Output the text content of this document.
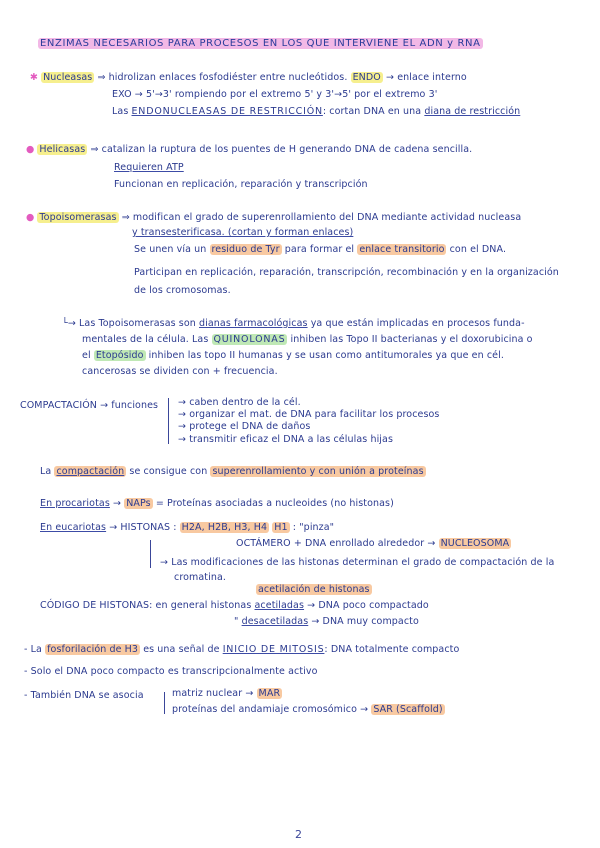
ENZIMAS NECESARIOS PARA PROCESOS EN LOS QUE INTERVIENE EL ADN y RNA
✱ Nucleasas ⇒ hidrolizan enlaces fosfodiéster entre nucleótidos. ENDO → enlace interno
EXO → 5'→3' rompiendo por el extremo 5' y 3'→5' por el extremo 3'
Las ENDONUCLEASAS DE RESTRICCIÓN: cortan DNA en una diana de restricción
● Helicasas ⇒ catalizan la ruptura de los puentes de H generando DNA de cadena sencilla.
Requieren ATP
Funcionan en replicación, reparación y transcripción
● Topoisomerasas ⇒ modifican el grado de superenrollamiento del DNA mediante actividad nucleasa
y transesterificasa. (cortan y forman enlaces)
Se unen vía un residuo de Tyr para formar el enlace transitorio con el DNA.
Participan en replicación, reparación, transcripción, recombinación y en la organización
de los cromosomas.
└→ Las Topoisomerasas son dianas farmacológicas ya que están implicadas en procesos funda-
mentales de la célula. Las QUINOLONAS inhiben las Topo II bacterianas y el doxorubicina o
el Etopósido inhiben las topo II humanas y se usan como antitumorales ya que en cél.
cancerosas se dividen con + frecuencia.
COMPACTACIÓN → funciones → caben dentro de la cél.
→ organizar el mat. de DNA para facilitar los procesos
→ protege el DNA de daños
→ transmitir eficaz el DNA a las células hijas
La compactación se consigue con superenrollamiento y con unión a proteínas
En procariotas → NAPs = Proteínas asociadas a nucleoides (no histonas)
En eucariotas → HISTONAS : H2A, H2B, H3, H4 H1 : "pinza"
OCTÁMERO + DNA enrollado alrededor → NUCLEOSOMA
→ Las modificaciones de las histonas determinan el grado de compactación de la
cromatina.
acetilación de histonas
CÓDIGO DE HISTONAS: en general histonas acetiladas → DNA poco compactado
" desacetiladas → DNA muy compacto
- La fosforilación de H3 es una señal de INICIO DE MITOSIS: DNA totalmente compacto
- Solo el DNA poco compacto es transcripcionalmente activo
- También DNA se asocia	matriz nuclear → MAR
proteínas del andamiaje cromosómico → SAR (Scaffold)
2
